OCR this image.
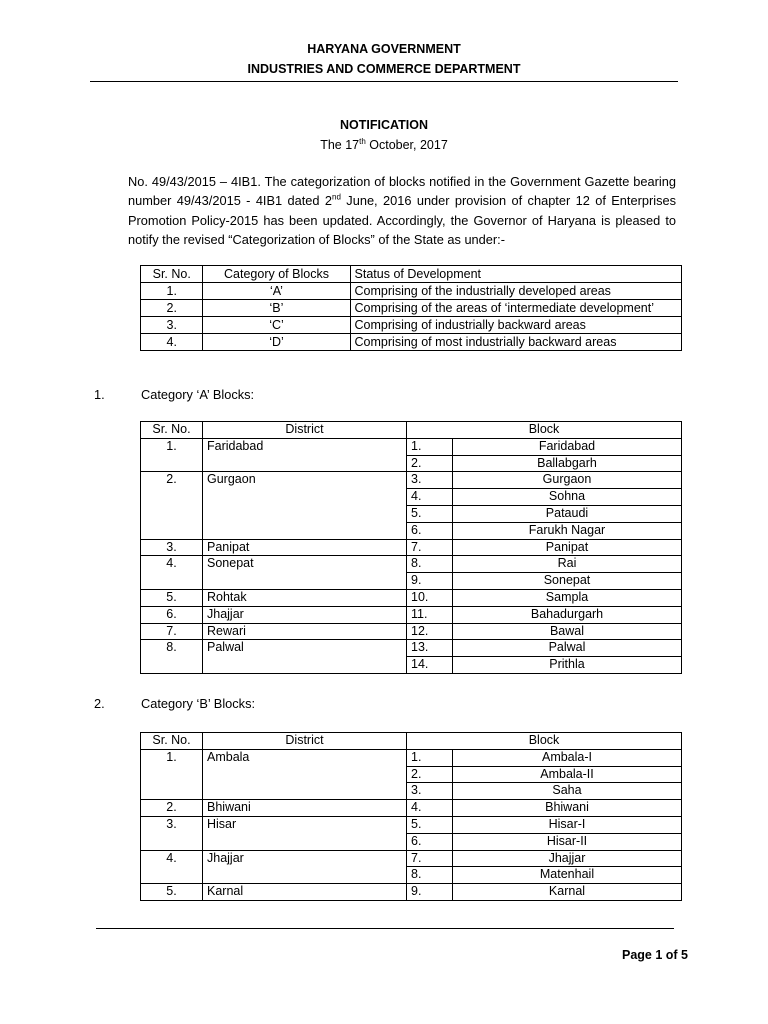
HARYANA GOVERNMENT
INDUSTRIES AND COMMERCE DEPARTMENT
NOTIFICATION
The 17th October, 2017
No. 49/43/2015 – 4IB1. The categorization of blocks notified in the Government Gazette bearing number 49/43/2015 - 4IB1 dated 2nd June, 2016 under provision of chapter 12 of Enterprises Promotion Policy-2015 has been updated. Accordingly, the Governor of Haryana is pleased to notify the revised “Categorization of Blocks” of the State as under:-
Sr. No.	Category of Blocks	Status of Development
1.	‘A’	Comprising of the industrially developed areas
2.	‘B’	Comprising of the areas of ‘intermediate development’
3.	‘C’	Comprising of industrially backward areas
4.	‘D’	Comprising of most industrially backward areas
1.	Category ‘A’ Blocks:
Sr. No.	District	Block	
1.	Faridabad	1.	Faridabad
		2.	Ballabgarh
2.	Gurgaon	3.	Gurgaon
		4.	Sohna
		5.	Pataudi
		6.	Farukh Nagar
3.	Panipat	7.	Panipat
4.	Sonepat	8.	Rai
		9.	Sonepat
5.	Rohtak	10.	Sampla
6.	Jhajjar	11.	Bahadurgarh
7.	Rewari	12.	Bawal
8.	Palwal	13.	Palwal
		14.	Prithla
2.	Category ‘B’ Blocks:
Sr. No.	District	Block	
1.	Ambala	1.	Ambala-I
		2.	Ambala-II
		3.	Saha
2.	Bhiwani	4.	Bhiwani
3.	Hisar	5.	Hisar-I
		6.	Hisar-II
4.	Jhajjar	7.	Jhajjar
		8.	Matenhail
5.	Karnal	9.	Karnal
Page 1 of 5
